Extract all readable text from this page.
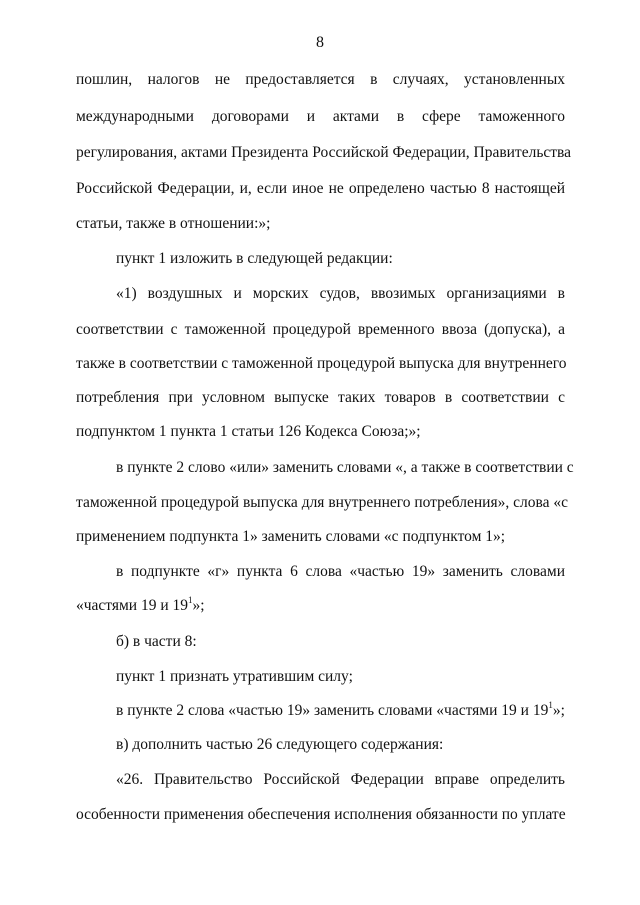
8
пошлин, налогов не предоставляется в случаях, установленных
международными договорами и актами в сфере таможенного
регулирования, актами Президента Российской Федерации, Правительства
Российской Федерации, и, если иное не определено частью 8 настоящей
статьи, также в отношении:»;
пункт 1 изложить в следующей редакции:
«1) воздушных и морских судов, ввозимых организациями в
соответствии с таможенной процедурой временного ввоза (допуска), а
также в соответствии с таможенной процедурой выпуска для внутреннего
потребления при условном выпуске таких товаров в соответствии с
подпунктом 1 пункта 1 статьи 126 Кодекса Союза;»;
в пункте 2 слово «или» заменить словами «, а также в соответствии с
таможенной процедурой выпуска для внутреннего потребления», слова «с
применением подпункта 1» заменить словами «с подпунктом 1»;
в подпункте «г» пункта 6 слова «частью 19» заменить словами
«частями 19 и $19^1$»;
б) в части 8:
пункт 1 признать утратившим силу;
в пункте 2 слова «частью 19» заменить словами «частями 19 и $19^1$»;
в) дополнить частью 26 следующего содержания:
«26. Правительство Российской Федерации вправе определить
особенности применения обеспечения исполнения обязанности по уплате
